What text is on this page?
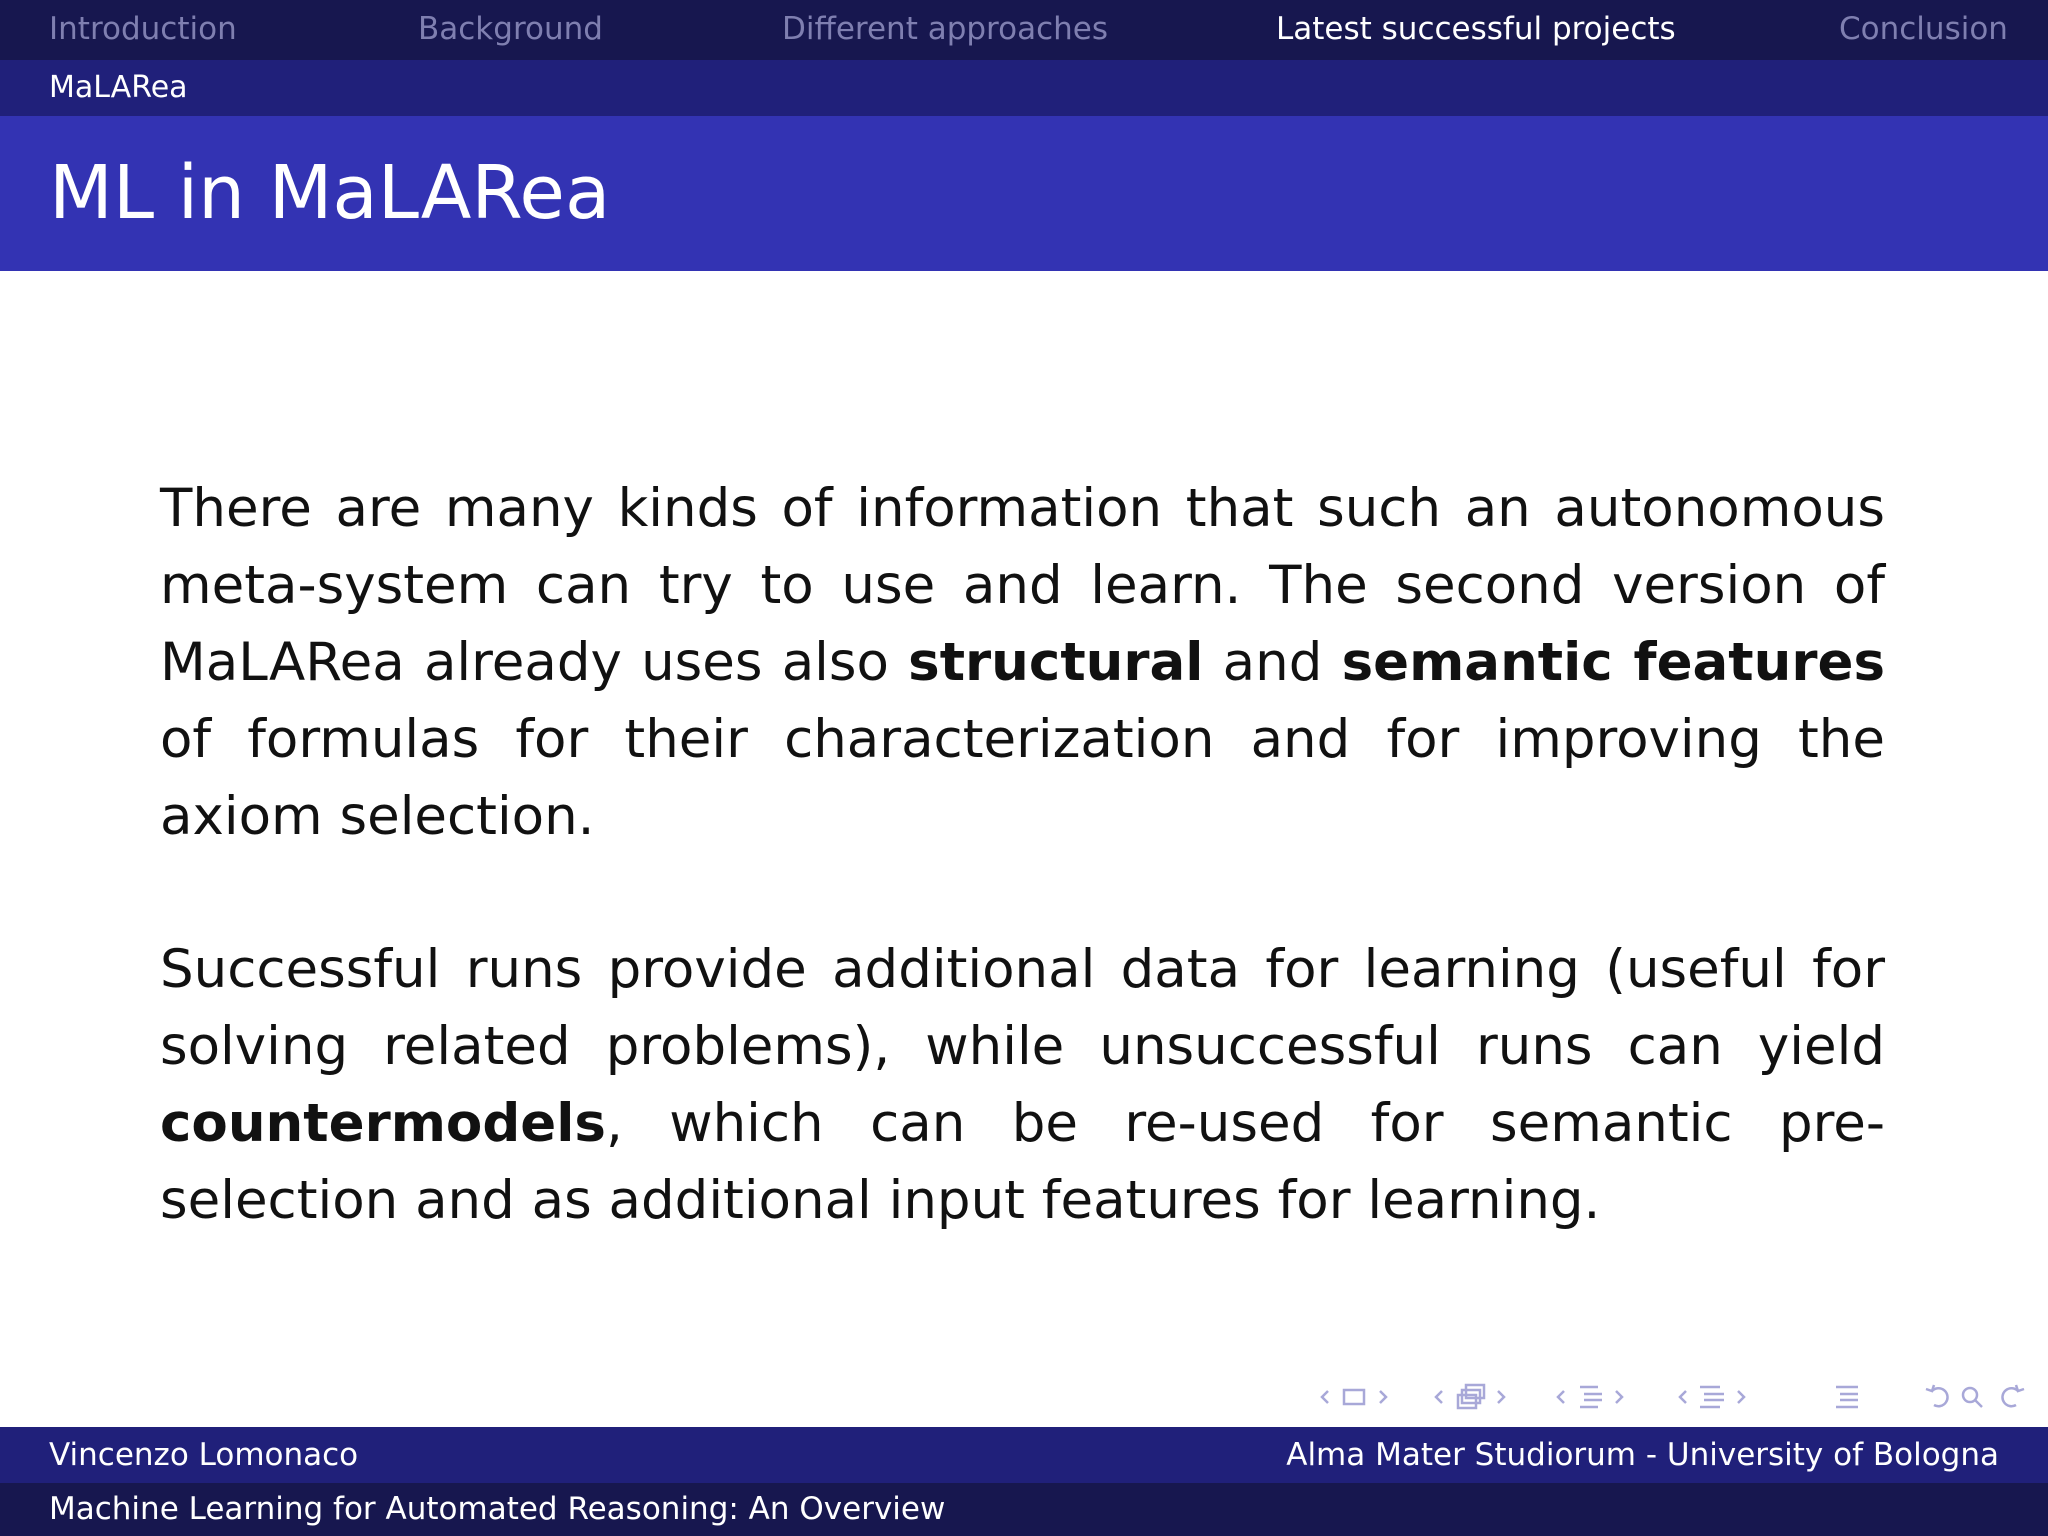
Introduction	Background	Different approaches	Latest successful projects	Conclusion
MaLARea
ML in MaLARea

There are many kinds of information that such an autonomous meta-system can try to use and learn. The second version of MaLARea already uses also structural and semantic features of formulas for their characterization and for improving the axiom selection.

Successful runs provide additional data for learning (useful for solving related problems), while unsuccessful runs can yield countermodels, which can be re-used for semantic pre-selection and as additional input features for learning.

Vincenzo Lomonaco	Alma Mater Studiorum - University of Bologna
Machine Learning for Automated Reasoning: An Overview
